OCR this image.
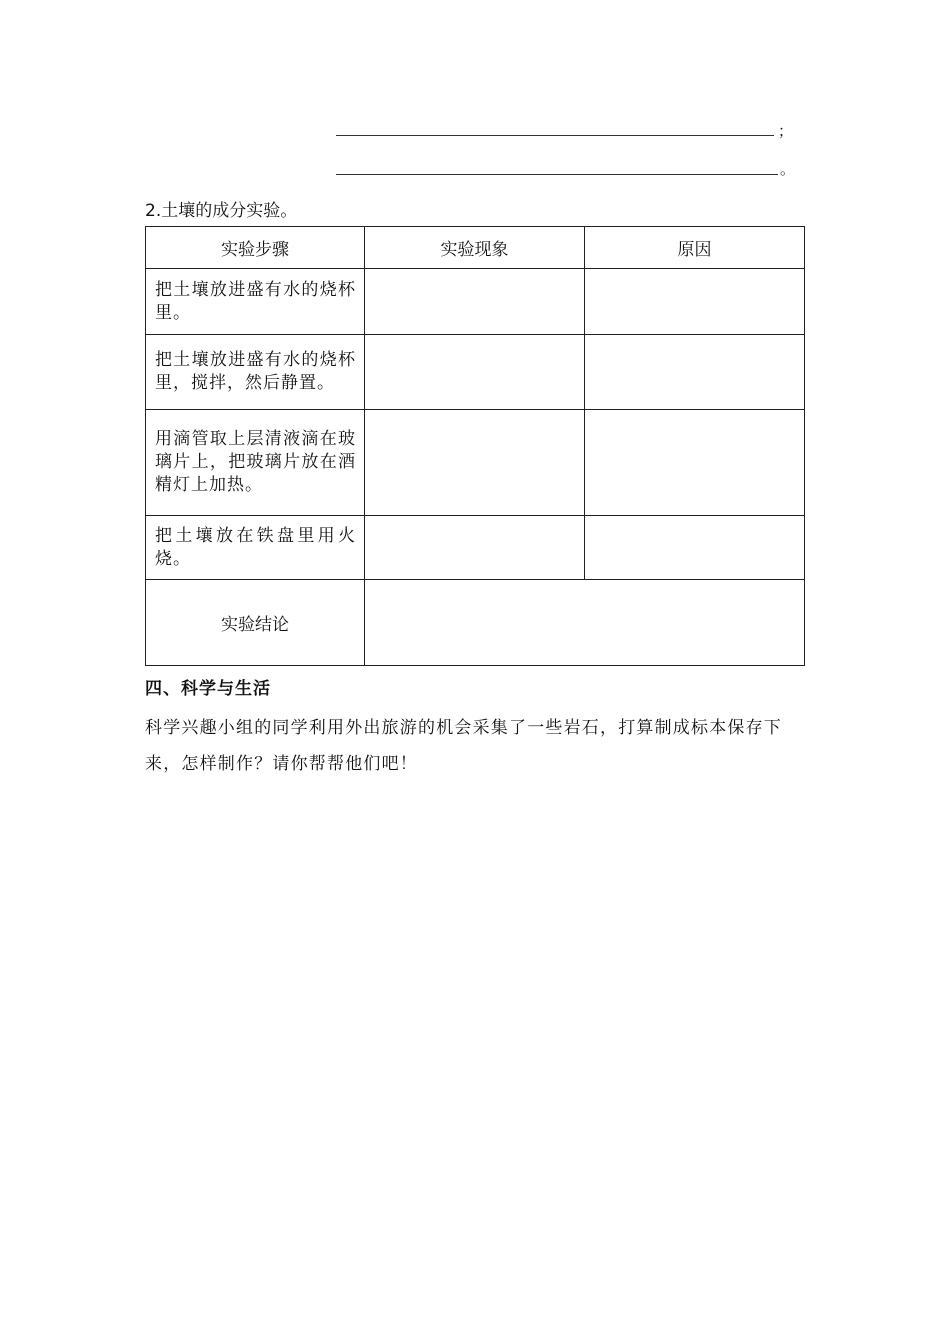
；
。
2.土壤的成分实验。
实验步骤	实验现象	原因
把土壤放进盛有水的烧杯里。		
把土壤放进盛有水的烧杯里，搅拌，然后静置。		
用滴管取上层清液滴在玻璃片上，把玻璃片放在酒精灯上加热。		
把土壤放在铁盘里用火烧。		
实验结论		
四、科学与生活
科学兴趣小组的同学利用外出旅游的机会采集了一些岩石，打算制成标本保存下来，怎样制作？请你帮帮他们吧！
